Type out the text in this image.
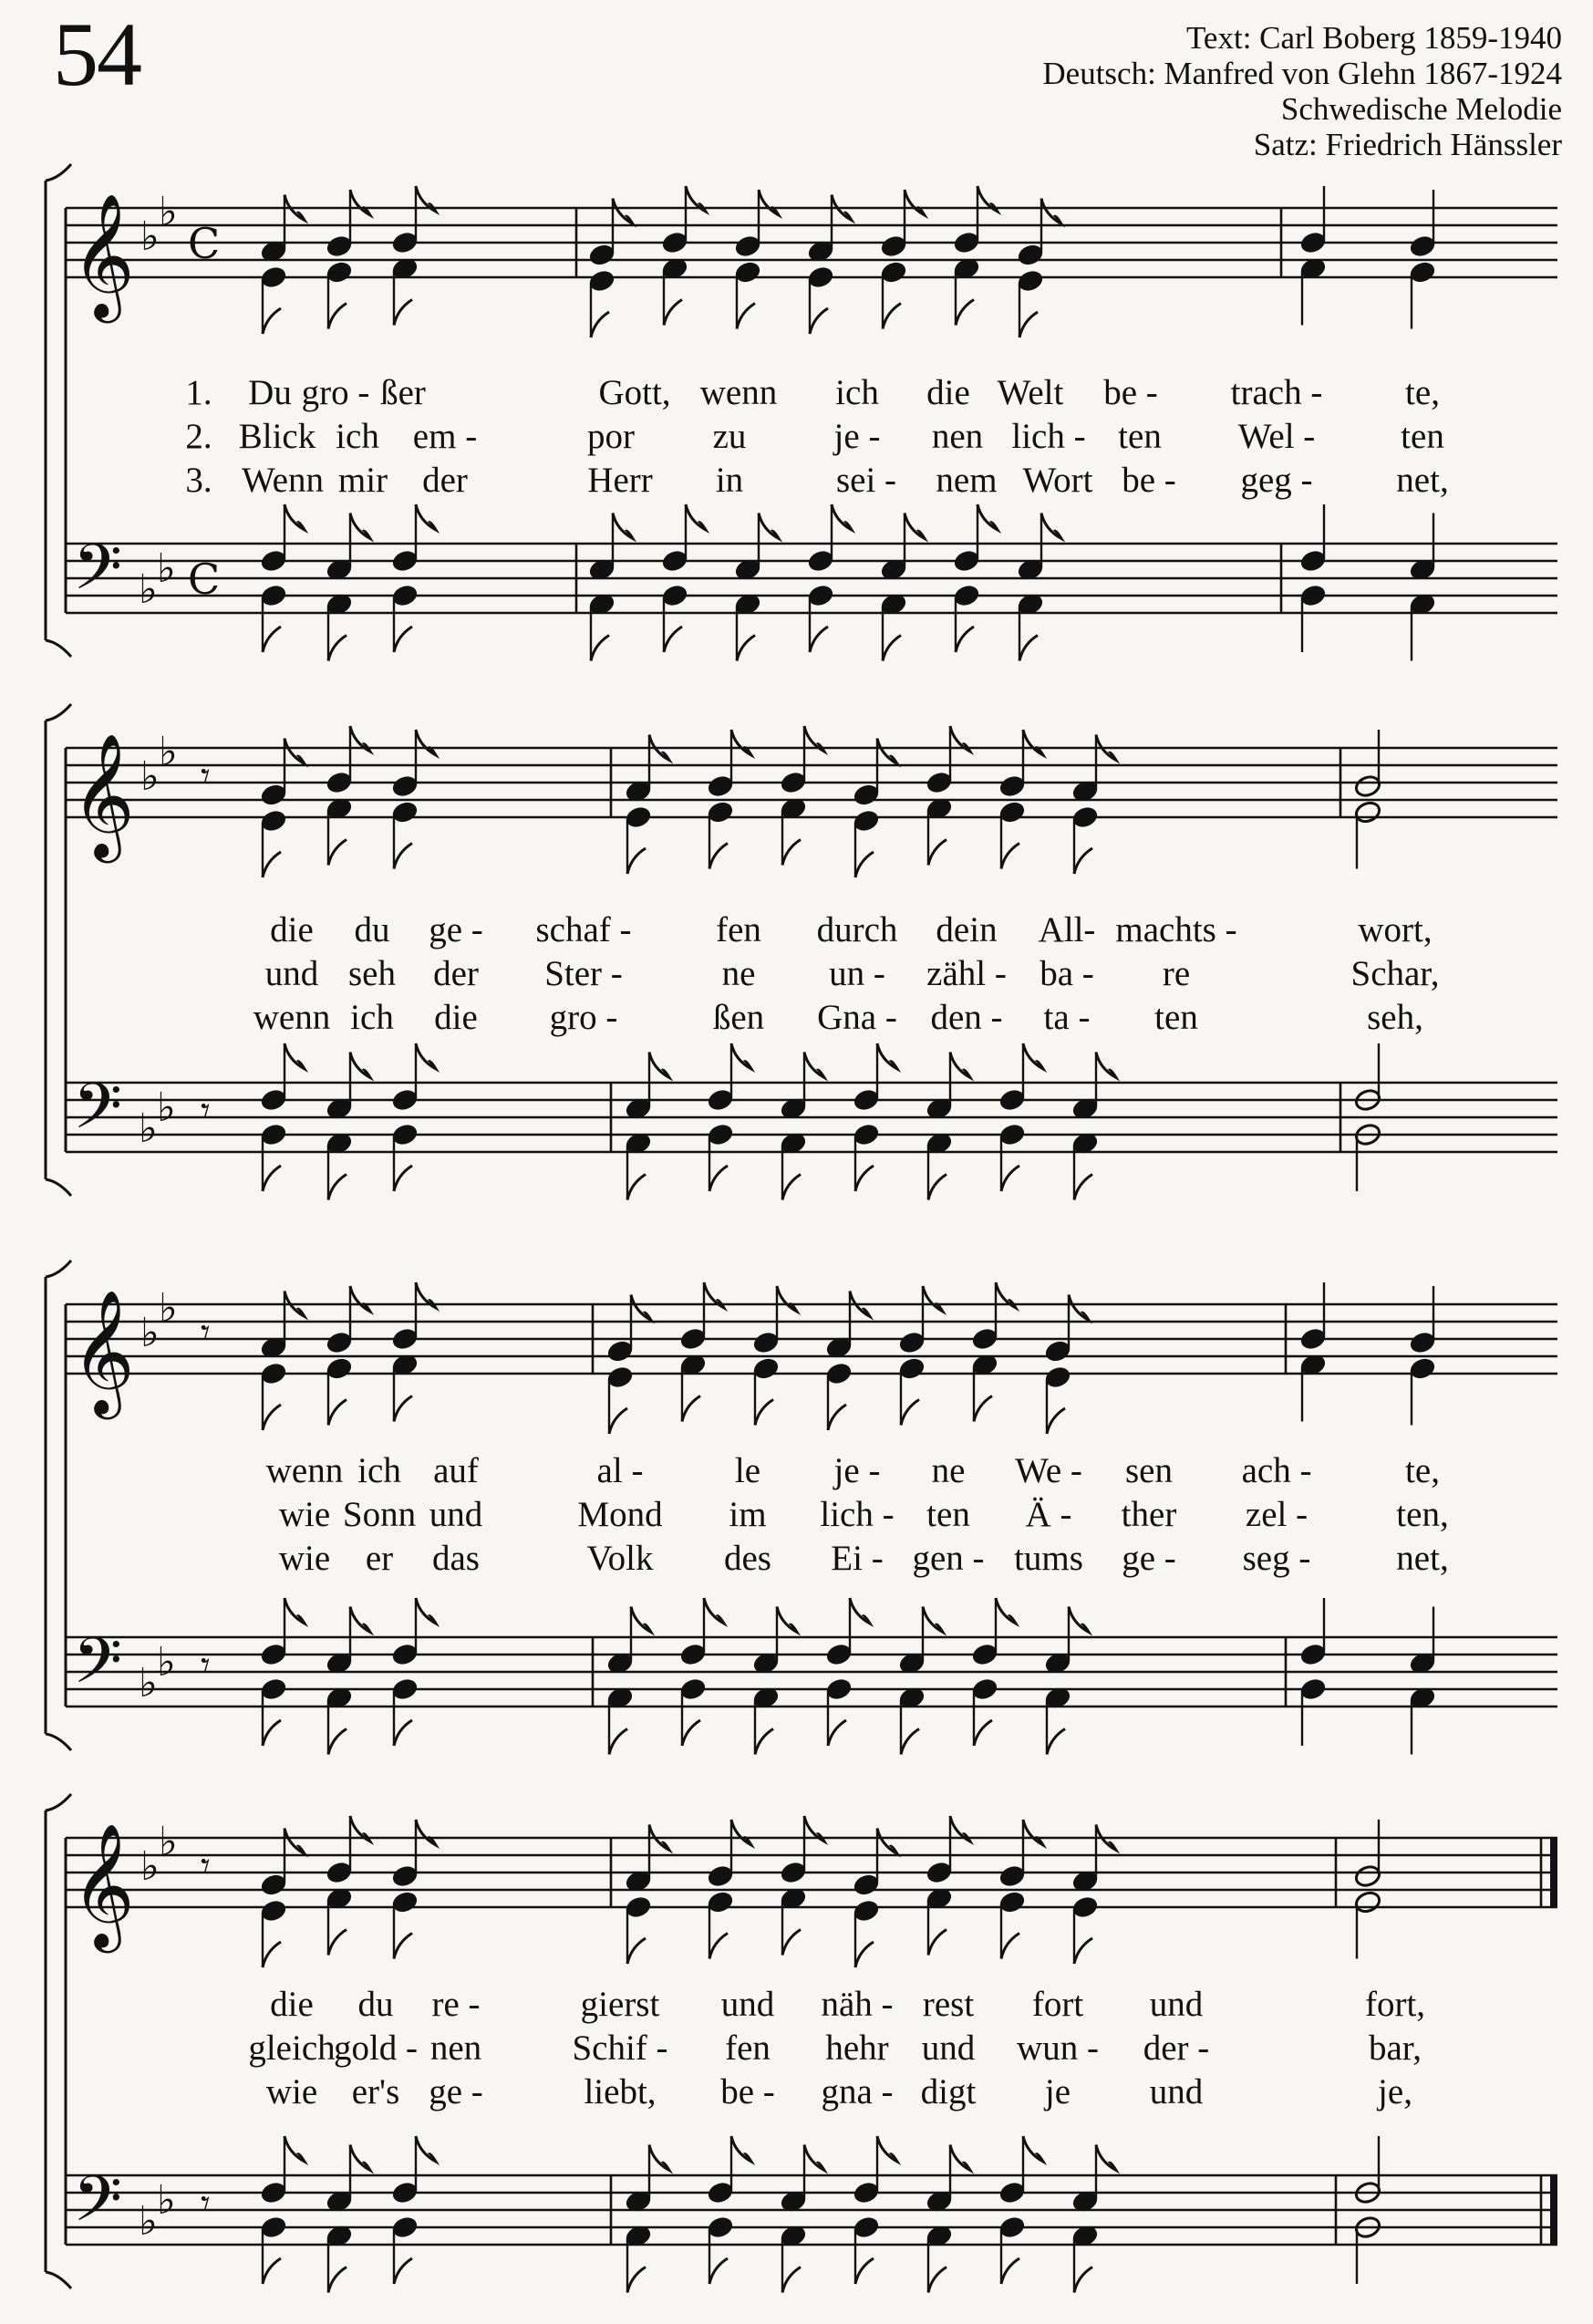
54	Text: Carl Boberg 1859-1940
Deutsch: Manfred von Glehn 1867-1924
Schwedische Melodie
Satz: Friedrich Hänssler
𝄞 ♭
♭
C
𝄢 ♭ ♭ C
𝄞 ♭
♭
𝄾
𝄢 ♭ ♭ 𝄾
𝄞 ♭
♭
𝄾
𝄢 ♭ ♭ 𝄾
𝄞 ♭
♭
𝄾
𝄢 ♭ ♭ 𝄾
1. Du gro - ßer	Gott, wenn ich die Welt be - trach - te,
2. Blick ich em -	por zu je - nen lich - ten Wel - ten
3. Wenn mir der	Herr in	sei - nem Wort be - geg - net,
die du ge - schaf - fen durch dein All- machts -	wort,
und seh der Ster -	ne un - zähl - ba - re	Schar,
wenn ich die gro -	ßen Gna - den - ta - ten	seh,
wenn ich auf	al -	le je - ne We - sen ach -	te,
wie Sonn und	Mond im lich - ten Ä - ther zel - ten,
wie er das	Volk des Ei - gen - tums ge - seg - net,
die du re -	gierst und näh - rest fort und	fort,
gleich
gold - nen	Schif - fen hehr und wun - der -	bar,
wie er's ge -	liebt, be - gna - digt je und	je,
